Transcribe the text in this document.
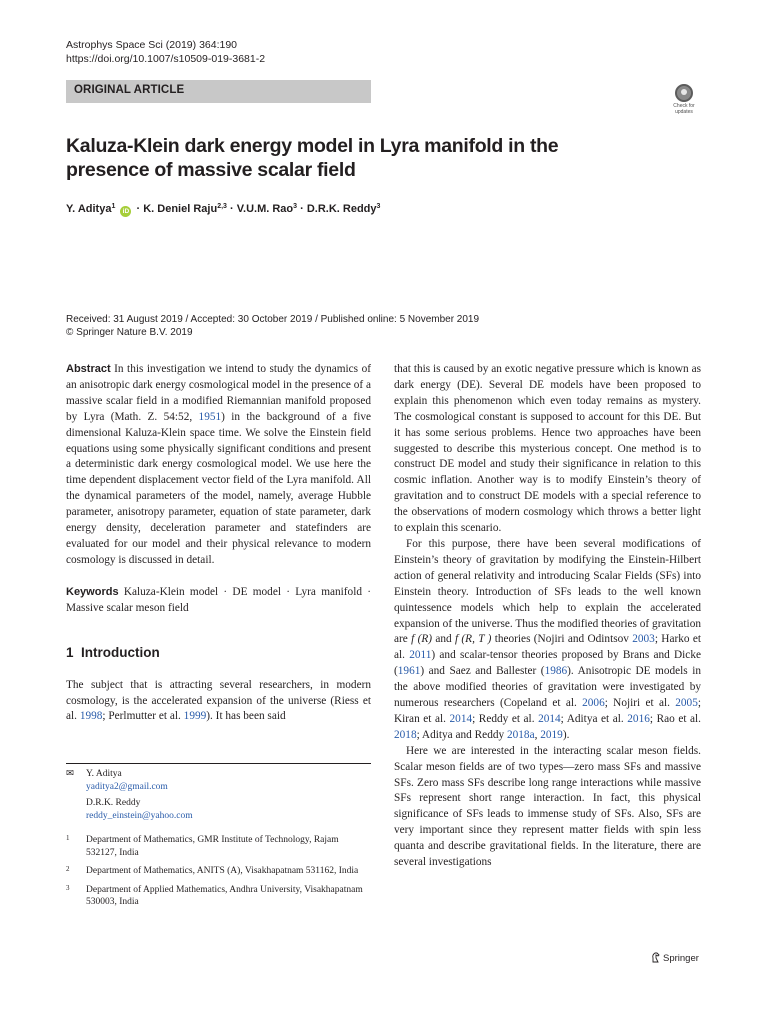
Astrophys Space Sci (2019) 364:190
https://doi.org/10.1007/s10509-019-3681-2
ORIGINAL ARTICLE
Check for updates
Kaluza-Klein dark energy model in Lyra manifold in the presence of massive scalar field
Y. Aditya$^1$ iD · K. Deniel Raju$^{2,3}$ · V.U.M. Rao$^3$ · D.R.K. Reddy$^3$
Received: 31 August 2019 / Accepted: 30 October 2019 / Published online: 5 November 2019
© Springer Nature B.V. 2019

Abstract In this investigation we intend to study the dynamics of an anisotropic dark energy cosmological model in the presence of a massive scalar field in a modified Riemannian manifold proposed by Lyra (Math. Z. 54:52, 1951) in the background of a five dimensional Kaluza-Klein space time. We solve the Einstein field equations using some physically significant conditions and present a deterministic dark energy cosmological model. We use here the time dependent displacement vector field of the Lyra manifold. All the dynamical parameters of the model, namely, average Hubble parameter, anisotropy parameter, equation of state parameter, dark energy density, deceleration parameter and statefinders are evaluated for our model and their physical relevance to modern cosmology is discussed in detail.

Keywords Kaluza-Klein model · DE model · Lyra manifold · Massive scalar meson field

1 Introduction

The subject that is attracting several researchers, in modern cosmology, is the accelerated expansion of the universe (Riess et al. 1998; Perlmutter et al. 1999). It has been said

✉ Y. Aditya
yaditya2@gmail.com
D.R.K. Reddy
reddy_einstein@yahoo.com
1 Department of Mathematics, GMR Institute of Technology, Rajam 532127, India
2 Department of Mathematics, ANITS (A), Visakhapatnam 531162, India
3 Department of Applied Mathematics, Andhra University, Visakhapatnam 530003, India

that this is caused by an exotic negative pressure which is known as dark energy (DE). Several DE models have been proposed to explain this phenomenon which even today remains as mystery. The cosmological constant is supposed to account for this DE. But it has some serious problems. Hence two approaches have been suggested to describe this mysterious concept. One method is to construct DE model and study their significance in relation to this cosmic inflation. Another way is to modify Einstein’s theory of gravitation and to construct DE models with a special reference to the observations of modern cosmology which throws a better light to explain this scenario.

For this purpose, there have been several modifications of Einstein’s theory of gravitation by modifying the Einstein-Hilbert action of general relativity and introducing Scalar Fields (SFs) into Einstein theory. Introduction of SFs leads to the well known quintessence models which help to explain the accelerated expansion of the universe. Thus the modified theories of gravitation are f (R) and f (R, T ) theories (Nojiri and Odintsov 2003; Harko et al. 2011) and scalar-tensor theories proposed by Brans and Dicke (1961) and Saez and Ballester (1986). Anisotropic DE models in the above modified theories of gravitation were investigated by numerous researchers (Copeland et al. 2006; Nojiri et al. 2005; Kiran et al. 2014; Reddy et al. 2014; Aditya et al. 2016; Rao et al. 2018; Aditya and Reddy 2018a, 2019).

Here we are interested in the interacting scalar meson fields. Scalar meson fields are of two types—zero mass SFs and massive SFs. Zero mass SFs describe long range interactions while massive SFs represent short range interaction. In fact, this physical significance of SFs leads to immense study of SFs. Also, SFs are very important since they represent matter fields with spin less quanta and describe gravitational fields. In the literature, there are several investigations

Springer
